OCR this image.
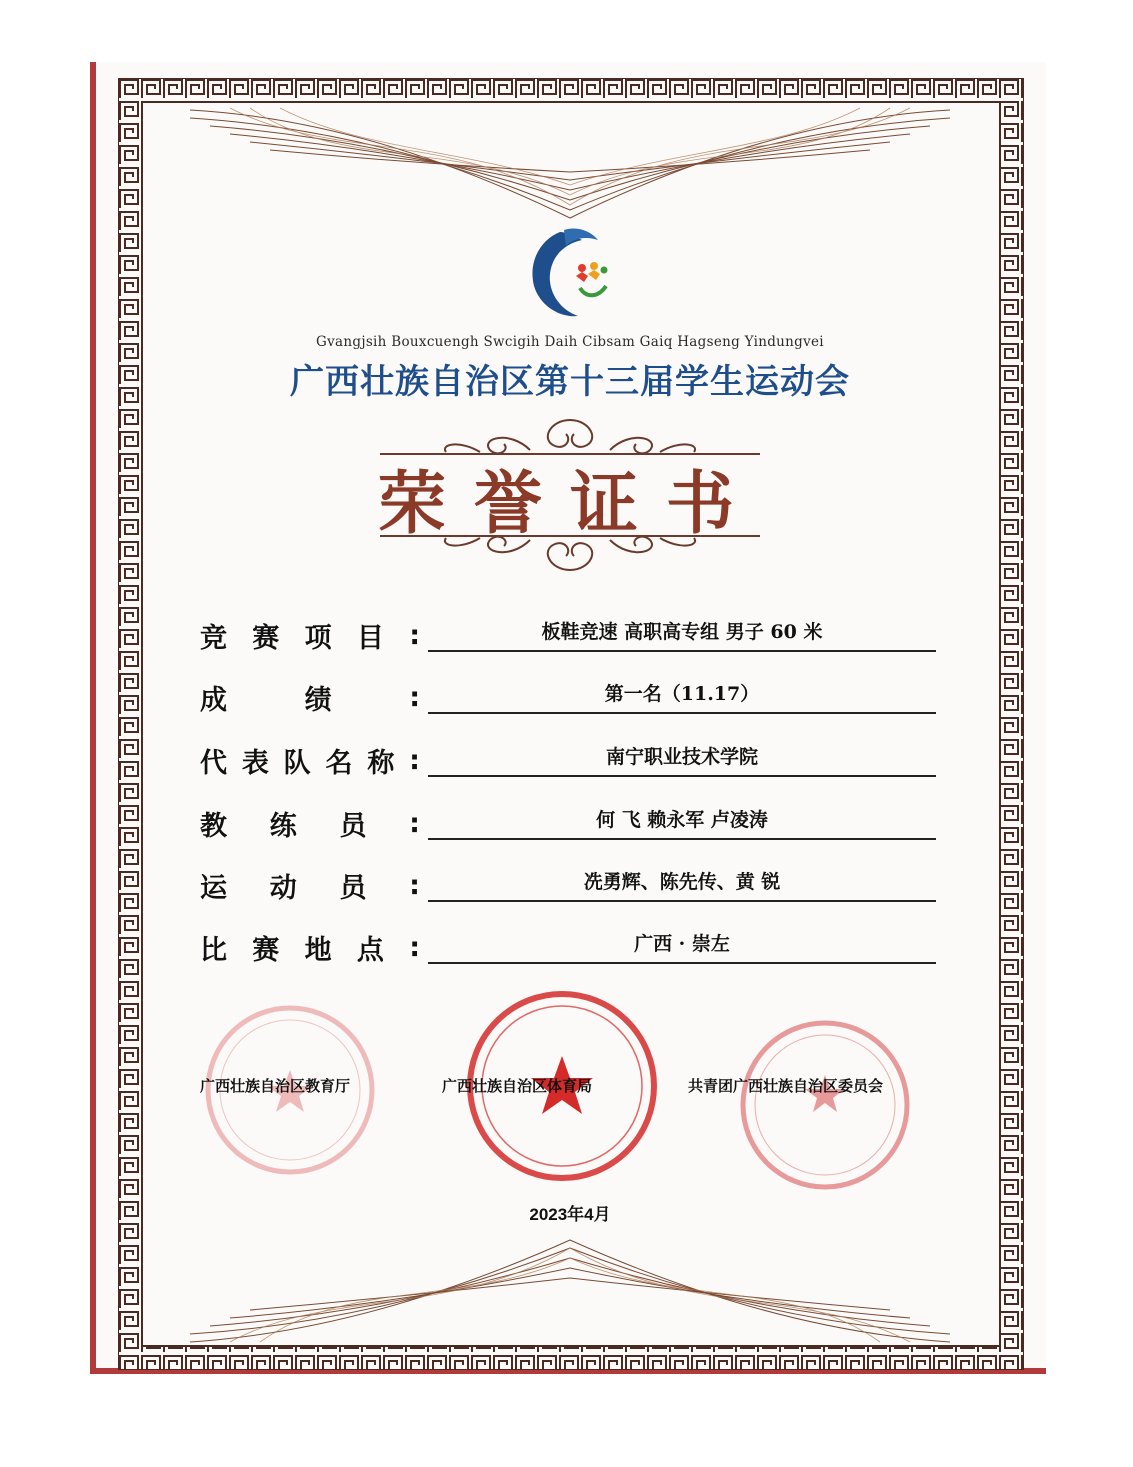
Gvangjsih Bouxcuengh Swcigih Daih Cibsam Gaiq Hagseng Yindungvei
广西壮族自治区第十三届学生运动会
荣誉证书
竞 赛 项 目 :	板鞋竞速 高职高专组 男子 60 米
成	绩	:	第一名（11.17）
代 表 队 名 称 :	南宁职业技术学院
教 练 员 :	何 飞 赖永军 卢凌涛
运 动 员 :	冼勇辉、陈先传、黄 锐
比 赛 地 点 :	广西 · 崇左
广西壮族自治区教育厅	广西壮族自治区体育局	共青团广西壮族自治区委员会
2023年4月
